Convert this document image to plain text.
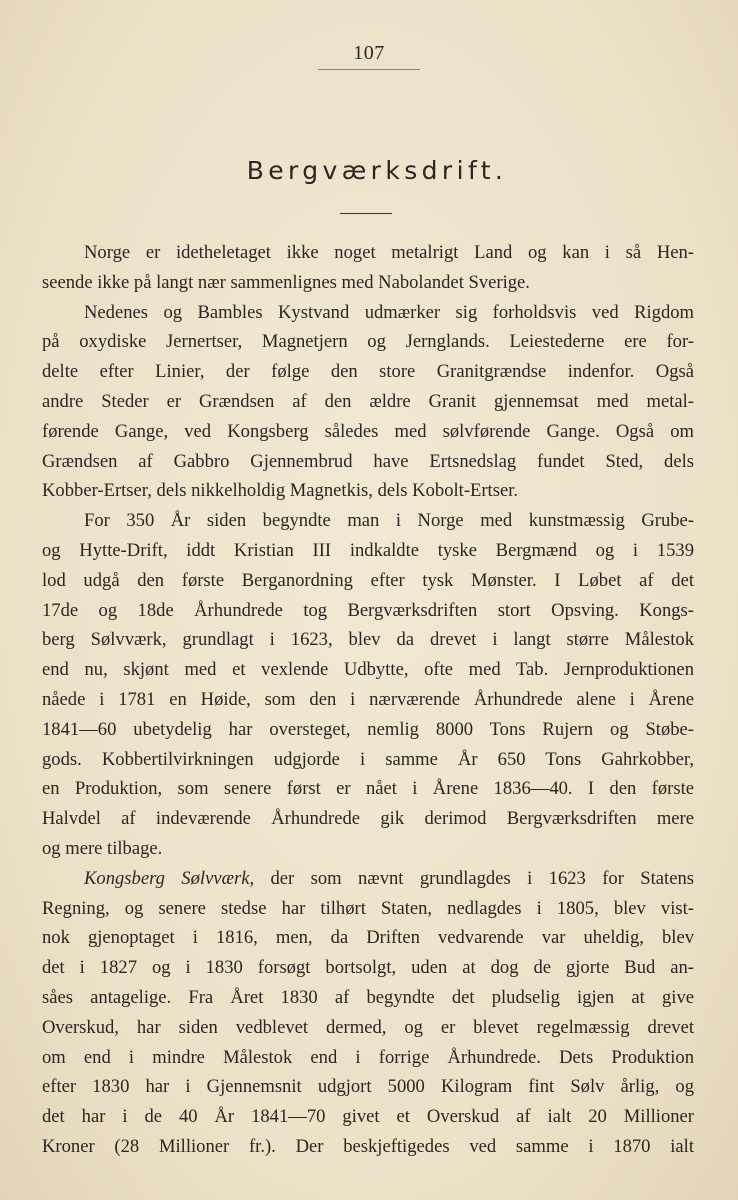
107
Bergværksdrift.
Norge er idetheletaget ikke noget metalrigt Land og kan i så Hen-
seende ikke på langt nær sammenlignes med Nabolandet Sverige.
Nedenes og Bambles Kystvand udmærker sig forholdsvis ved Rigdom
på oxydiske Jernertser, Magnetjern og Jernglands. Leiestederne ere for-
delte efter Linier, der følge den store Granitgrændse indenfor. Også
andre Steder er Grændsen af den ældre Granit gjennemsat med metal-
førende Gange, ved Kongsberg således med sølvførende Gange. Også om
Grændsen af Gabbro Gjennembrud have Ertsnedslag fundet Sted, dels
Kobber-Ertser, dels nikkelholdig Magnetkis, dels Kobolt-Ertser.
For 350 År siden begyndte man i Norge med kunstmæssig Grube-
og Hytte-Drift, iddt Kristian III indkaldte tyske Bergmænd og i 1539
lod udgå den første Berganordning efter tysk Mønster. I Løbet af det
17de og 18de Århundrede tog Bergværksdriften stort Opsving. Kongs-
berg Sølvværk, grundlagt i 1623, blev da drevet i langt større Målestok
end nu, skjønt med et vexlende Udbytte, ofte med Tab. Jernproduktionen
nåede i 1781 en Høide, som den i nærværende Århundrede alene i Årene
1841—60 ubetydelig har oversteget, nemlig 8000 Tons Rujern og Støbe-
gods. Kobbertilvirkningen udgjorde i samme År 650 Tons Gahrkobber,
en Produktion, som senere først er nået i Årene 1836—40. I den første
Halvdel af indeværende Århundrede gik derimod Bergværksdriften mere
og mere tilbage.
Kongsberg Sølvværk, der som nævnt grundlagdes i 1623 for Statens
Regning, og senere stedse har tilhørt Staten, nedlagdes i 1805, blev vist-
nok gjenoptaget i 1816, men, da Driften vedvarende var uheldig, blev
det i 1827 og i 1830 forsøgt bortsolgt, uden at dog de gjorte Bud an-
såes antagelige. Fra Året 1830 af begyndte det pludselig igjen at give
Overskud, har siden vedblevet dermed, og er blevet regelmæssig drevet
om end i mindre Målestok end i forrige Århundrede. Dets Produktion
efter 1830 har i Gjennemsnit udgjort 5000 Kilogram fint Sølv årlig, og
det har i de 40 År 1841—70 givet et Overskud af ialt 20 Millioner
Kroner (28 Millioner fr.). Der beskjeftigedes ved samme i 1870 ialt
